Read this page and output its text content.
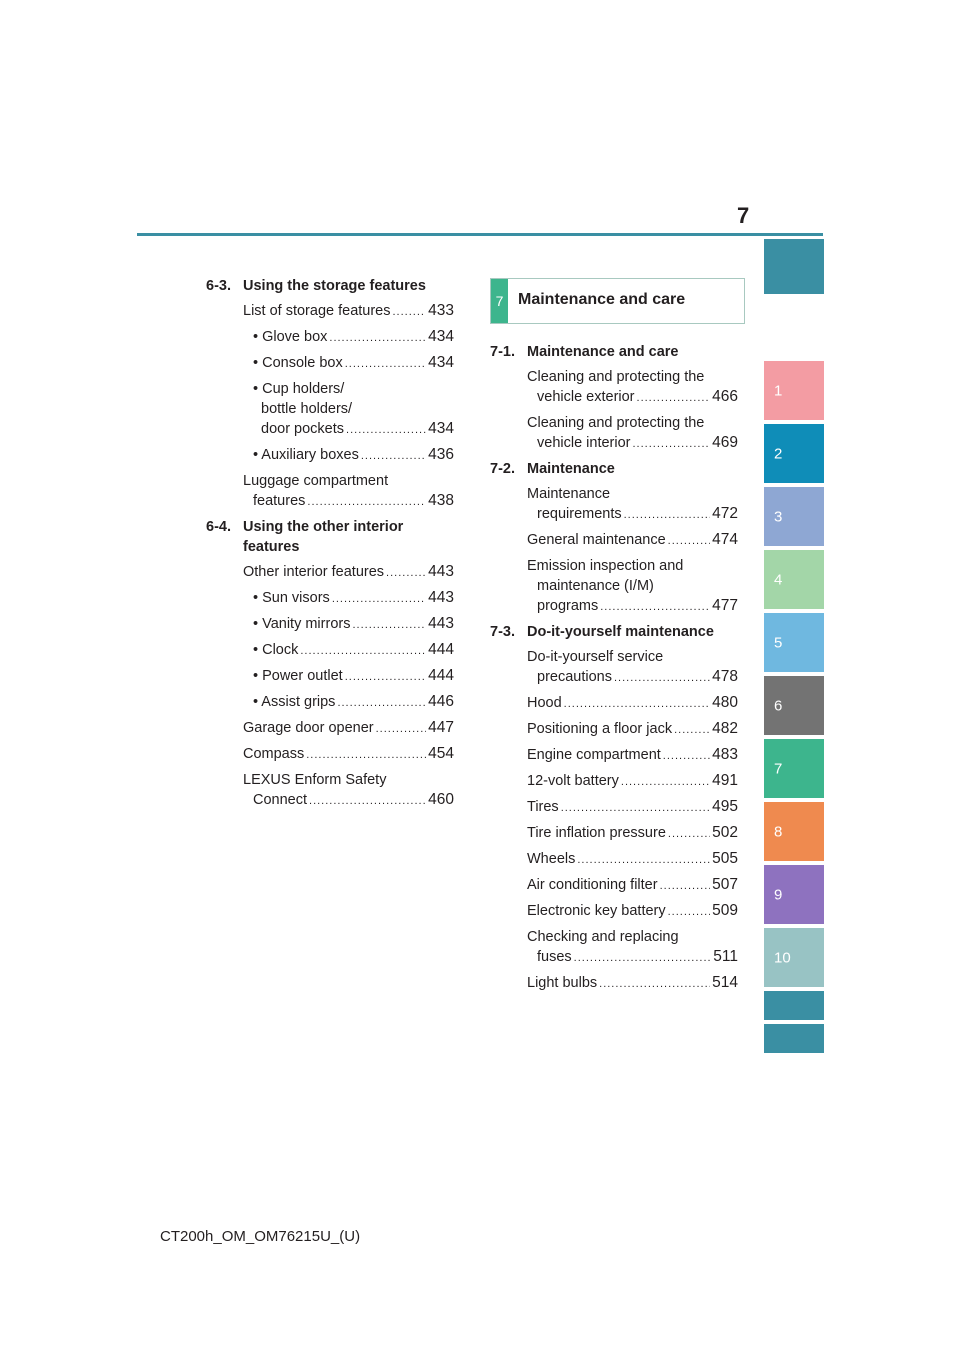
7
1
2
3
4
5
6
7
8
9
10
6-3. Using the storage features
List of storage features ..... 433
• Glove box .....	434
• Console box .....	434
• Cup holders/
bottle holders/
door pockets .....	434
• Auxiliary boxes .....	436
Luggage compartment
features .....	438
6-4. Using the other interior features
Other interior features .....	443
• Sun visors .....	443
• Vanity mirrors .....	443
• Clock .....	444
• Power outlet .....	444
• Assist grips .....	446
Garage door opener .....	447
Compass .....	454
LEXUS Enform Safety
Connect .....	460
7 Maintenance and care
7-1. Maintenance and care
Cleaning and protecting the
vehicle exterior .....	466
Cleaning and protecting the
vehicle interior .....	469
7-2. Maintenance
Maintenance
requirements .....	472
General maintenance .....	474
Emission inspection and
maintenance (I/M)
programs .....	477
7-3. Do-it-yourself maintenance
Do-it-yourself service
precautions .....	478
Hood .....	480
Positioning a floor jack .....	482
Engine compartment .....	483
12-volt battery .....	491
Tires .....	495
Tire inflation pressure .....	502
Wheels .....	505
Air conditioning filter .....	507
Electronic key battery .....	509
Checking and replacing
fuses .....	511
Light bulbs .....	514
CT200h_OM_OM76215U_(U)
